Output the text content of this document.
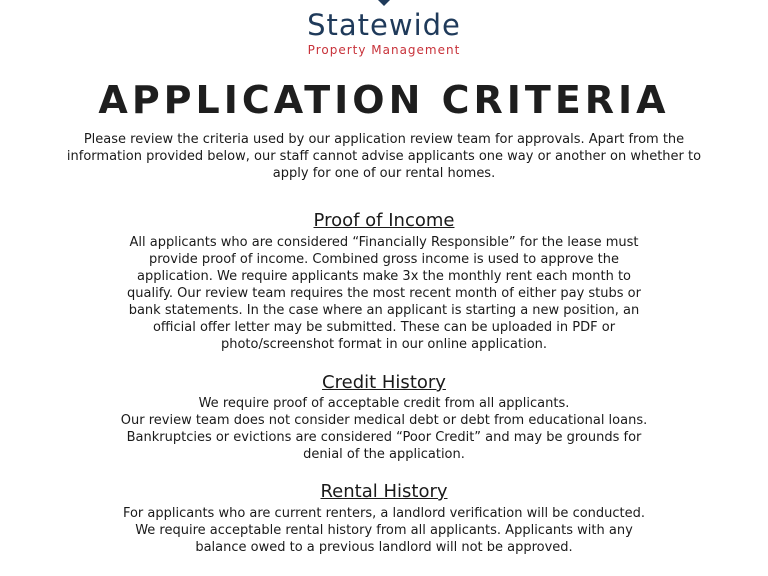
Statewide
Property Management
APPLICATION CRITERIA

Please review the criteria used by our application review team for approvals. Apart from the information provided below, our staff cannot advise applicants one way or another on whether to apply for one of our rental homes.

Proof of Income

All applicants who are considered “Financially Responsible” for the lease must provide proof of income. Combined gross income is used to approve the application. We require applicants make 3x the monthly rent each month to qualify. Our review team requires the most recent month of either pay stubs or bank statements. In the case where an applicant is starting a new position, an official offer letter may be submitted. These can be uploaded in PDF or photo/screenshot format in our online application.

Credit History

We require proof of acceptable credit from all applicants.
Our review team does not consider medical debt or debt from educational loans.
Bankruptcies or evictions are considered “Poor Credit” and may be grounds for denial of the application.

Rental History

For applicants who are current renters, a landlord verification will be conducted. We require acceptable rental history from all applicants. Applicants with any balance owed to a previous landlord will not be approved.
